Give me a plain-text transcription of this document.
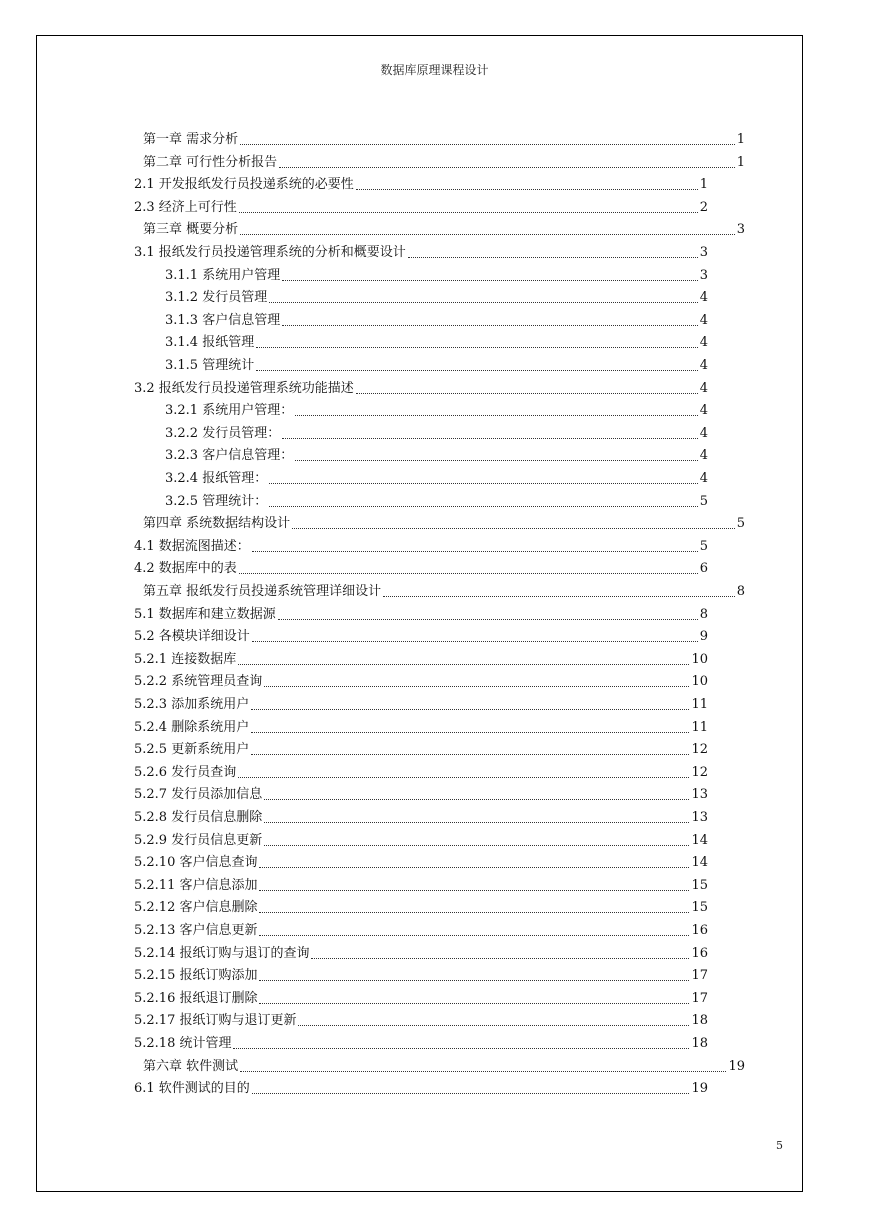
数据库原理课程设计
第一章 需求分析	1
第二章 可行性分析报告	1
2.1 开发报纸发行员投递系统的必要性	1
2.3 经济上可行性	2
第三章 概要分析	3
3.1 报纸发行员投递管理系统的分析和概要设计	3
3.1.1 系统用户管理	3
3.1.2 发行员管理	4
3.1.3 客户信息管理	4
3.1.4 报纸管理	4
3.1.5 管理统计	4
3.2 报纸发行员投递管理系统功能描述	4
3.2.1 系统用户管理：	4
3.2.2 发行员管理：	4
3.2.3 客户信息管理：	4
3.2.4 报纸管理：	4
3.2.5 管理统计：	5
第四章 系统数据结构设计	5
4.1 数据流图描述：	5
4.2 数据库中的表	6
第五章 报纸发行员投递系统管理详细设计	8
5.1 数据库和建立数据源	8
5.2 各模块详细设计	9
5.2.1 连接数据库	10
5.2.2 系统管理员查询	10
5.2.3 添加系统用户	11
5.2.4 删除系统用户	11
5.2.5 更新系统用户	12
5.2.6 发行员查询	12
5.2.7 发行员添加信息	13
5.2.8 发行员信息删除	13
5.2.9 发行员信息更新	14
5.2.10 客户信息查询	14
5.2.11 客户信息添加	15
5.2.12 客户信息删除	15
5.2.13 客户信息更新	16
5.2.14 报纸订购与退订的查询	16
5.2.15 报纸订购添加	17
5.2.16 报纸退订删除	17
5.2.17 报纸订购与退订更新	18
5.2.18 统计管理	18
第六章 软件测试	19
6.1 软件测试的目的	19
5
